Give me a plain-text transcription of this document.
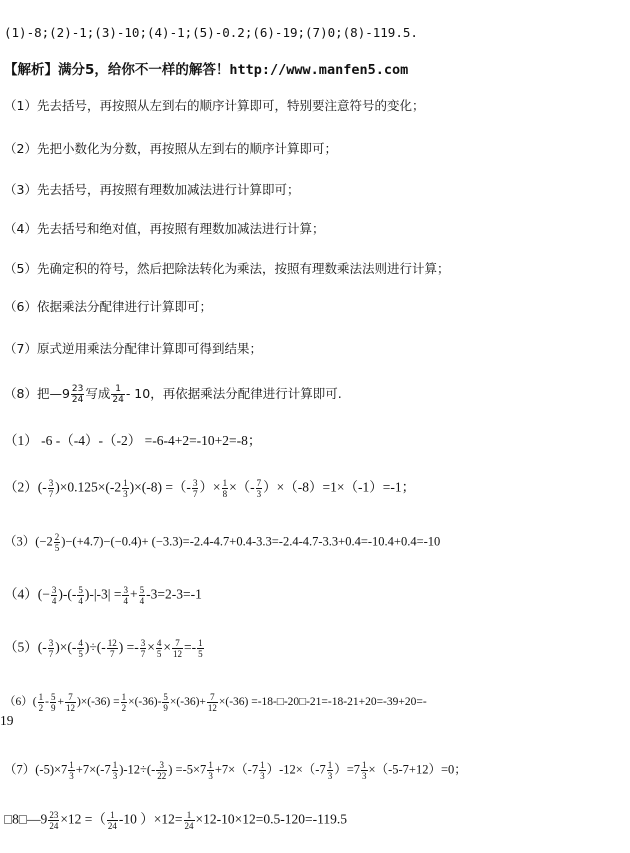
(1)-8;(2)-1;(3)-10;(4)-1;(5)-0.2;(6)-19;(7)0;(8)-119.5.
【解析】满分5，给你不一样的解答！http://www.manfen5.com
（1）先去括号，再按照从左到右的顺序计算即可，特别要注意符号的变化；
（2）先把小数化为分数，再按照从左到右的顺序计算即可；
（3）先去括号，再按照有理数加减法进行计算即可；
（4）先去括号和绝对值，再按照有理数加减法进行计算；
（5）先确定积的符号，然后把除法转化为乘法，按照有理数乘法法则进行计算；
（6）依据乘法分配律进行计算即可；
（7）原式逆用乘法分配律计算即可得到结果；
（8）把—9 $\frac{23}{24}$ 写成 $\frac{1}{24} - 10$，再依据乘法分配律进行计算即可.
（1） -6 -（-4）-（-2） =-6-4+2=-10+2=-8；
$(2)(- \frac{3}{7} )\times 0.125\times(-2 \frac{1}{3} )\times(-8)$ =（- $\frac{3}{7}$ ）× $\frac{1}{8}$ ×（- $\frac{7}{3} )\times(-8)=1\times(-1)=-1$；
$(3)(-2 \frac{2}{5} )-(+4.7)-(-0.4)+ (-3.3)=-2.4-4.7+0.4-3.3=-2.4-4.7-3.3+0.4=-10.4+0.4=-10$
$(4)(- \frac{3}{4}$ )-(- $\frac{5}{4} )-|-3| = \frac{3}{4} + \frac{5}{4} -3=2-3=-1$
$(5)(- \frac{3}{7}$ )×(- $\frac{4}{5}$ )÷(- $\frac{12}{7}$ ) =- $\frac{3}{7} \times \frac{4}{5} \times \frac{7}{12} =- \frac{1}{5}$
$(6)( \frac{1}{2} - \frac{5}{9} + \frac{7}{12} )\times(-36) = \frac{1}{2} \times(-36)- \frac{5}{9} \times(-36)+ \frac{7}{12} \times(-36)$ =-18-□-20□-21=-18-21+20=-39+20=-
19
$(7)(-5)\times 7 \frac{1}{3} +7\times(-7 \frac{1}{3} )-12\div(- \frac{3}{22}$ ) $=-5\times 7 \frac{1}{3} +7\times(-7 \frac{1}{3} )-12\times(-7 \frac{1}{3} )=7 \frac{1}{3} \times(-5-7+12)=0$；
□8□—9 $\frac{23}{24} \times 12$ =（ $\frac{1}{24} -10$ ）$\times 12= \frac{1}{24} \times 12-10\times 12=0.5-120=-119.5$
